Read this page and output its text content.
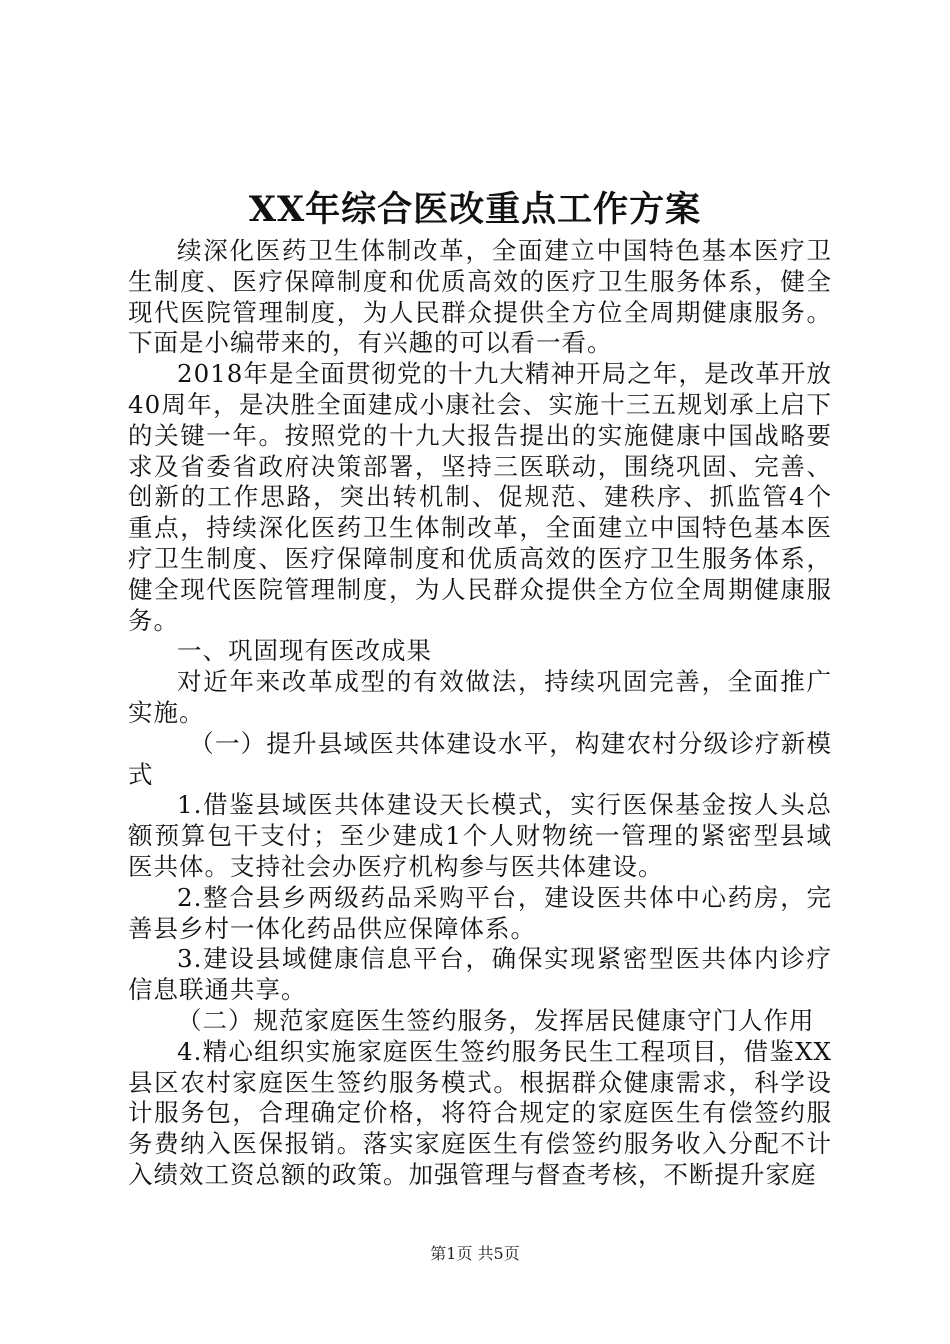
XX年综合医改重点工作方案

续深化医药卫生体制改革，全面建立中国特色基本医疗卫生制度、医疗保障制度和优质高效的医疗卫生服务体系，健全现代医院管理制度，为人民群众提供全方位全周期健康服务。下面是小编带来的，有兴趣的可以看一看。

2018年是全面贯彻党的十九大精神开局之年，是改革开放40周年，是决胜全面建成小康社会、实施十三五规划承上启下的关键一年。按照党的十九大报告提出的实施健康中国战略要求及省委省政府决策部署，坚持三医联动，围绕巩固、完善、创新的工作思路，突出转机制、促规范、建秩序、抓监管4个重点，持续深化医药卫生体制改革，全面建立中国特色基本医疗卫生制度、医疗保障制度和优质高效的医疗卫生服务体系，健全现代医院管理制度，为人民群众提供全方位全周期健康服务。

一、巩固现有医改成果

对近年来改革成型的有效做法，持续巩固完善，全面推广实施。

（一）提升县域医共体建设水平，构建农村分级诊疗新模式

1.借鉴县域医共体建设天长模式，实行医保基金按人头总额预算包干支付；至少建成1个人财物统一管理的紧密型县域医共体。支持社会办医疗机构参与医共体建设。

2.整合县乡两级药品采购平台，建设医共体中心药房，完善县乡村一体化药品供应保障体系。

3.建设县域健康信息平台，确保实现紧密型医共体内诊疗信息联通共享。

（二）规范家庭医生签约服务，发挥居民健康守门人作用

4.精心组织实施家庭医生签约服务民生工程项目，借鉴XX县区农村家庭医生签约服务模式。根据群众健康需求，科学设计服务包，合理确定价格，将符合规定的家庭医生有偿签约服务费纳入医保报销。落实家庭医生有偿签约服务收入分配不计入绩效工资总额的政策。加强管理与督查考核，不断提升家庭

第1页 共5页
